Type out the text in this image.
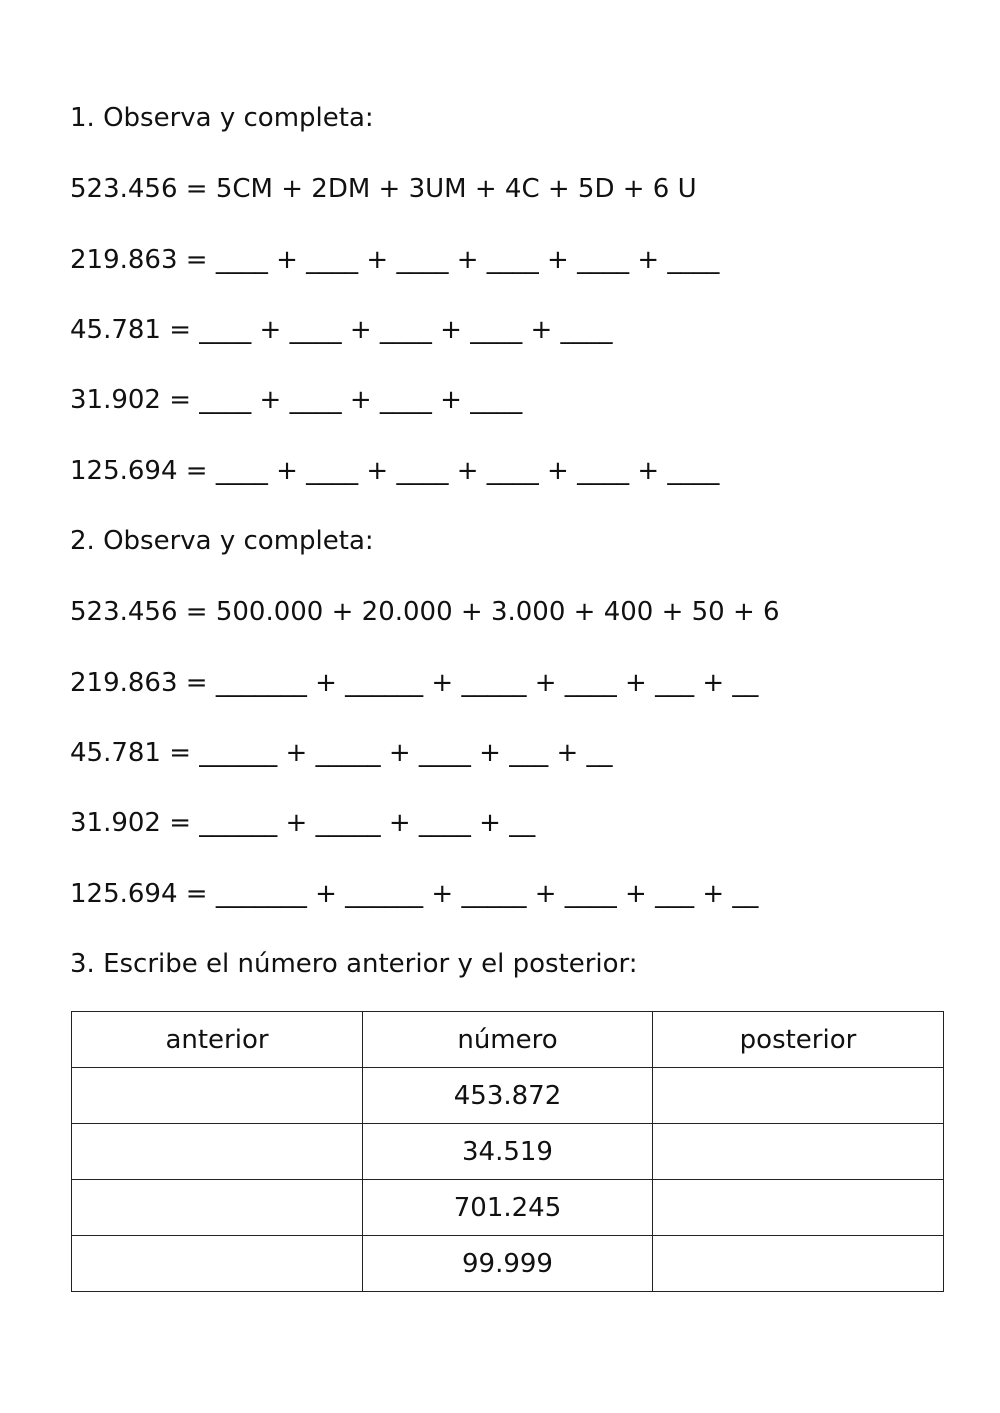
1. Observa y completa:

523.456 = 5CM + 2DM + 3UM + 4C + 5D + 6 U

219.863 = ____ + ____ + ____ + ____ + ____ + ____

45.781 = ____ + ____ + ____ + ____ + ____

31.902 = ____ + ____ + ____ + ____

125.694 = ____ + ____ + ____ + ____ + ____ + ____

2. Observa y completa:

523.456 = 500.000 + 20.000 + 3.000 + 400 + 50 + 6

219.863 = _______ + ______ + _____ + ____ + ___ + __

45.781 = ______ + _____ + ____ + ___ + __

31.902 = ______ + _____ + ____ + __

125.694 = _______ + ______ + _____ + ____ + ___ + __

3. Escribe el número anterior y el posterior:

anterior	número	posterior
	453.872	
	34.519	
	701.245	
	99.999	
